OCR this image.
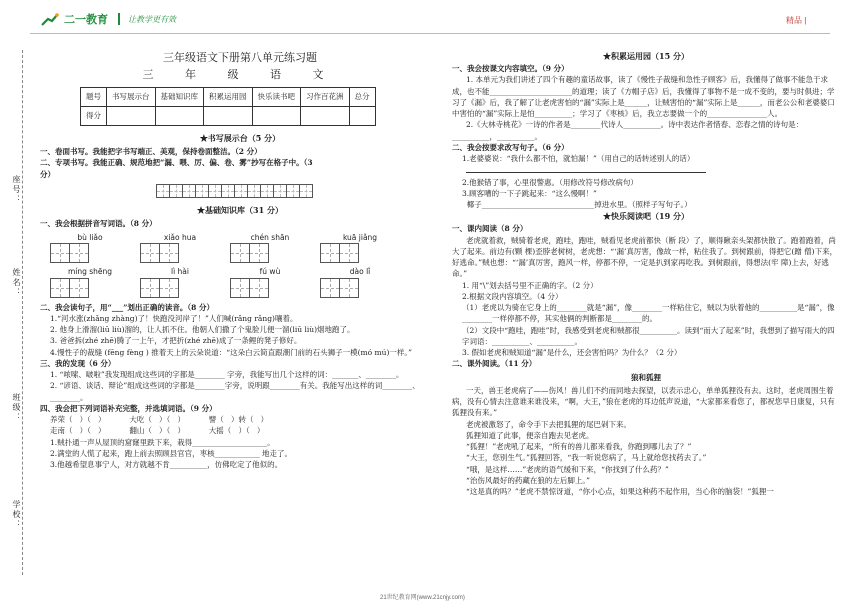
二一教育	让教学更有效	精品 |
座号：
姓名：
班级：
学校：
三年级语文下册第八单元练习题
三 年 级 语 文
题号	书写展示台	基础知识库	积累运用园	快乐读书吧	习作百花洲	总分
得分						
★书写展示台（5 分）

一、卷面书写。我能把字书写端正、美观，保持卷面整洁。（2 分）

二、专项书写。我能正确、规范地把“漏、喂、厉、偏、卷、雾”抄写在格子中。（3

分）

★基础知识库（31 分）

一、我会根据拼音写词语。（8 分）

bù liǎo	xiǎo hua	chén shān	kuā jiǎng
míng shēng	lì hài	fú wù	dào lǐ

二、我会读句子，用“___”划出正确的读音。（8 分）

1.“河水涨(zhǎng zhàng)了！快跑没河岸了！”人们喊(rǎng rǎng)嚷着。

2. 他身上滑溜(liū liù)溜的，让人抓不住。他朝人们撒了个鬼脸儿便一溜(liū liù)烟地跑了。

3. 爸爸拆(zhé zhē)腾了一上午，才把折(zhé zhē)成了一条鲤的凳子修好。

4.慢性子的裁缝 (fēng fèng ) 推着天上的云朵说道：“这朵白云简直跟潮门前的石头狮子一模(mó mú)一样。”

三、我的发现（6 分）

1. “哝嗦、啵啦”我发现组成这些词的字都是________ 字旁，我能写出几个这样的词：_______、________。

2. “谚语、谈话、辩论”组成这些词的字都是________字旁，说明跟________有关。我能写出这样的词________、________。

四、我会把下列词语补充完整，并选填词语。（9 分）

养荣（   ）（   ）          大吃（   ）（   ）          譬（   ）转（   ）

走南（   ）（   ）          翻山（   ）（   ）          大摇（   ）（   ）

1.贼扑通一声从屋顶的窟窿里跌下来，栽得____________________。

2.满堂的人慌了起来，跑上前去照顾县官官，枣核____________ 地走了。

3.他越希望息事宁人，对方就越不肯__________，仿佛吃定了他似的。

★积累运用园（15 分）

一、我会按课文内容填空。（9 分）

1. 本单元为我们讲述了四个有趣的童话故事，读了《慢性子裁缝和急性子顾客》后，我懂得了做事不能急于求成，也不能______________________的道理；读了《方帽子店》后，我懂得了事物不是一成不变的，要与时俱进；学习了《漏》后，我了解了让老虎害怕的“漏”实际上是______，让贼害怕的“漏”实际上是______，而老公公和老婆婆口中害怕的“漏”实际上是怕__________；学习了《枣核》后，我立志要做一个的________________人。

2.《大林寺桃花》一诗的作者是________代诗人__________。诗中表达作者惜春、恋春之情的诗句是：__________，__________。

二、我会按要求改写句子。（6 分）

1.老婆婆说：“我什么都不怕，就怕漏！”（用自己的话转述别人的话）

2.他猴错了事，心里很警惠。（用修改符号修改病句）

3.顾客嘈的一下子跳起来：“这么慢啊！”

椰子______________________________掉进水里。（照样子写句子。）

★快乐阅读吧（19 分）

一、课内阅读（8 分）

老虎就着救，贼骑着老虎，跑哇，跑哇，贼看见老虎前都快（断 段）了，顺得瞅亲头架都快散了。跑着跑着，尚大了起来。前边有(颗 棵)歪脖老树树，老虎想：“‘漏’真厉害，像故一样，粘住我了。到树跟前，得把它(蹭 僧)下来，好逃命。”贼也想：“‘漏’真厉害，跑风一样，停都不停，一定是扒到家再吃我。到树跟前，得想法(牢 障)上去，好逃命。”

1. 用“\”划去括号里不正确的字。（2 分）

2.根据文段内容填空。（4 分）

（1）老虎以为骑在它身上的________就是“漏”，像________一样粘住它，贼以为驮着他的__________是“漏”，像________一样停都不停，其实他俩的判断都是________的。

（2）文段中“跑哇，跑哇”时，我感受到老虎和贼都很__________。读到“而大了起来”时，我想到了描写雨大的四字词语：__________、__________。

3. 假如老虎和贼知道“漏”是什么，还会害怕吗？为什么？（2 分）

二、课外阅读。（11 分）

狼和狐狸

一天，兽王老虎病了——伤风！兽儿们不约而同地去探望，以表示忠心，单单狐狸没有去。这时，老虎周围生着病，没有心情去注意谁来谁没来，“啊，大王，”狼在老虎的耳边低声说道，“大家都来看您了，都祝您早日康复，只有狐狸没有来。”

老虎被激怒了，命令手下去把狐狸的尾巴剁下来。

狐狸知道了此事，便亲自跑去见老虎。

“狐狸！”老虎吼了起来，“所有的兽儿都来看我，你跑到哪儿去了？”

“大王，您别生气。”狐狸回答，“我一听说您病了，马上就给您找药去了。”

“哦，是这样……”老虎的语气缓和下来，“你找到了什么药？”

“治伤风最好的药藏在狼的左后脚上。”

“这是真的吗？”老虎不禁惊讶道，“你小心点，如果这种药不起作用，当心你的脑袋！”狐狸一

21世纪教育网(www.21cnjy.com)
